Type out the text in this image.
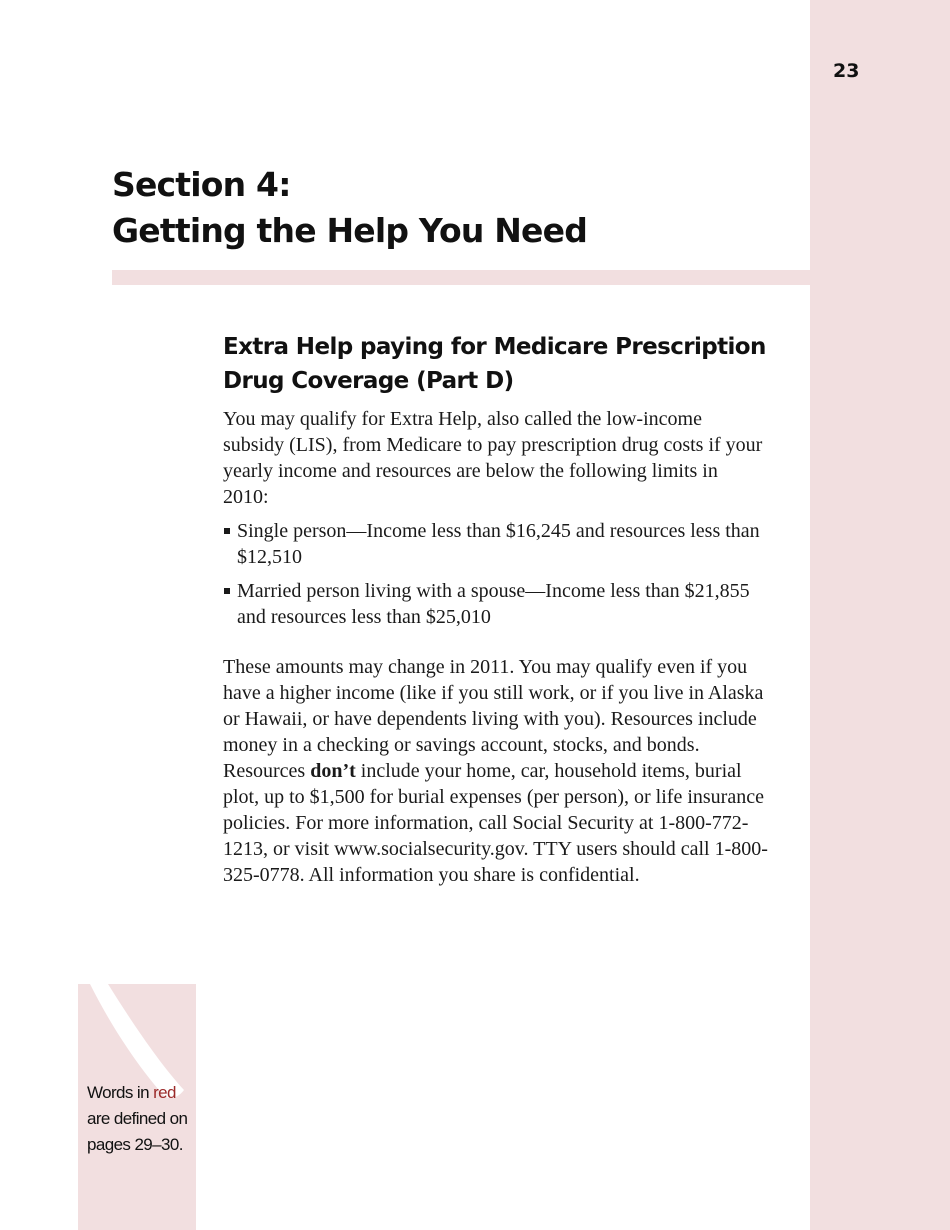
23
Section 4:
Getting the Help You Need
Extra Help paying for Medicare Prescription
Drug Coverage (Part D)

You may qualify for Extra Help, also called the low-income subsidy (LIS), from Medicare to pay prescription drug costs if your yearly income and resources are below the following limits in 2010:

Single person—Income less than $16,245 and resources less than $12,510
Married person living with a spouse—Income less than $21,855 and resources less than $25,010

These amounts may change in 2011. You may qualify even if you have a higher income (like if you still work, or if you live in Alaska or Hawaii, or have dependents living with you). Resources include money in a checking or savings account, stocks, and bonds. Resources don’t include your home, car, household items, burial plot, up to $1,500 for burial expenses (per person), or life insurance policies. For more information, call Social Security at 1-800-772-1213, or visit www.socialsecurity.gov. TTY users should call 1-800-325-0778. All information you share is confidential.

Words in red
are defined on
pages 29–30.
